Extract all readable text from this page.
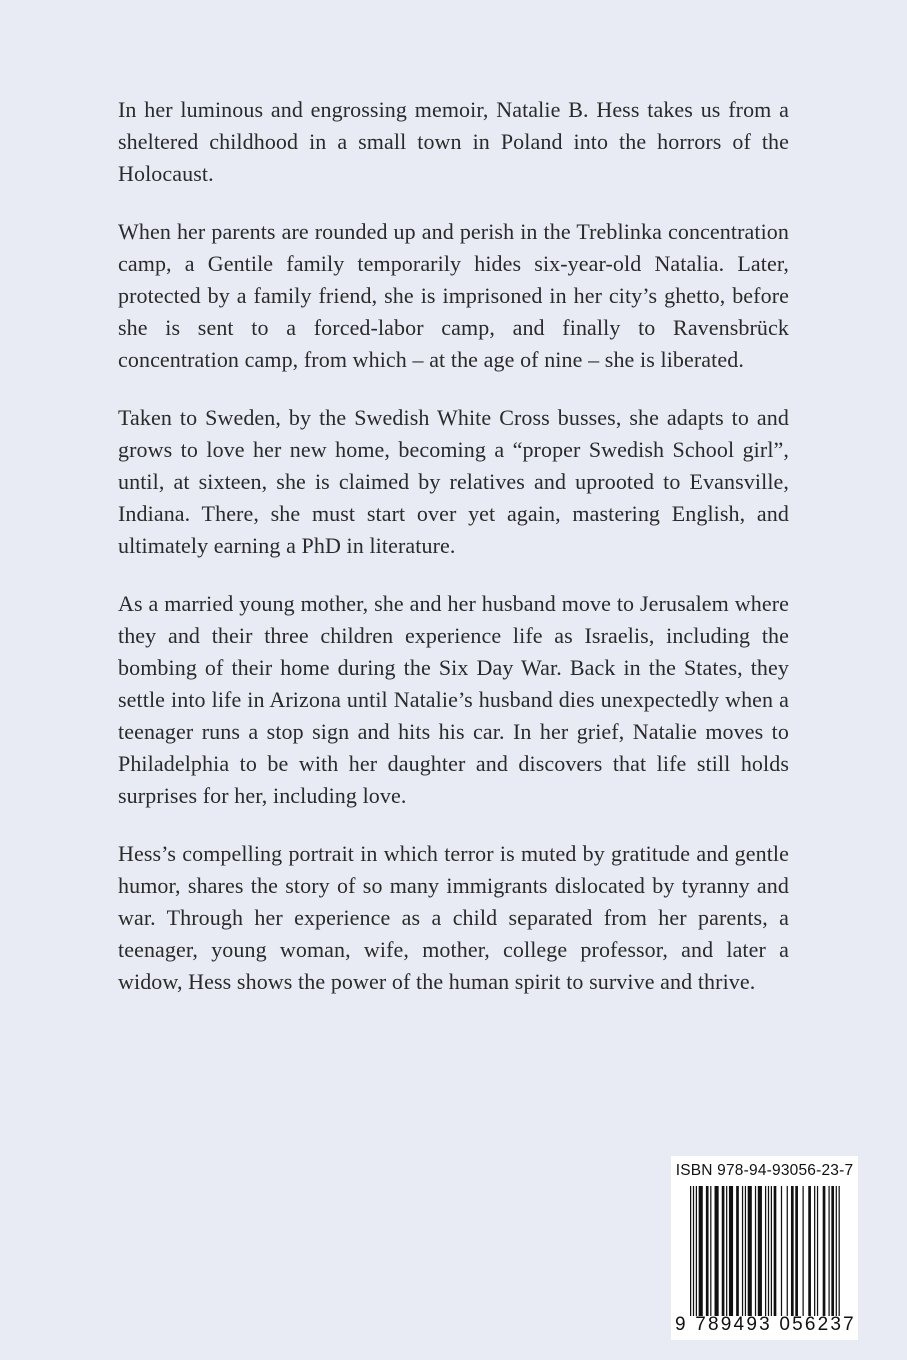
In her luminous and engrossing memoir, Natalie B. Hess takes us from a sheltered childhood in a small town in Poland into the horrors of the Holocaust.

When her parents are rounded up and perish in the Treblinka concentration camp, a Gentile family temporarily hides six-year-old Natalia. Later, protected by a family friend, she is imprisoned in her city’s ghetto, before she is sent to a forced-labor camp, and finally to Ravensbrück concentration camp, from which – at the age of nine – she is liberated.

Taken to Sweden, by the Swedish White Cross busses, she adapts to and grows to love her new home, becoming a “proper Swedish School girl”, until, at sixteen, she is claimed by relatives and uprooted to Evansville, Indiana. There, she must start over yet again, mastering English, and ultimately earning a PhD in literature.

As a married young mother, she and her husband move to Jerusalem where they and their three children experience life as Israelis, including the bombing of their home during the Six Day War. Back in the States, they settle into life in Arizona until Natalie’s husband dies unexpectedly when a teenager runs a stop sign and hits his car. In her grief, Natalie moves to Philadelphia to be with her daughter and discovers that life still holds surprises for her, including love.

Hess’s compelling portrait in which terror is muted by gratitude and gentle humor, shares the story of so many immigrants dislocated by tyranny and war. Through her experience as a child separated from her parents, a teenager, young woman, wife, mother, college professor, and later a widow, Hess shows the power of the human spirit to survive and thrive.

ISBN 978-94-93056-23-7
9 789493 056237
